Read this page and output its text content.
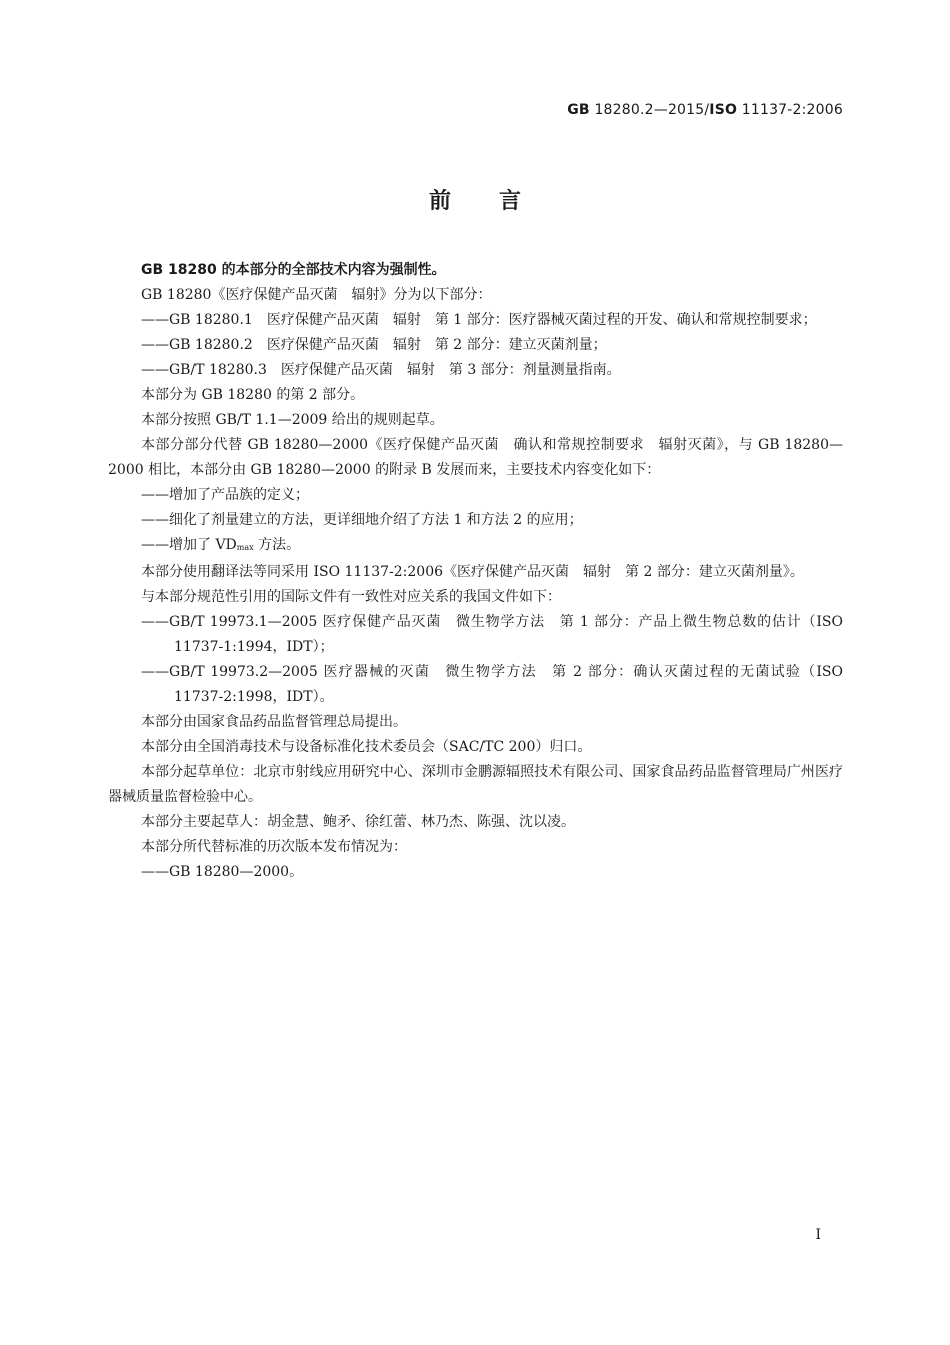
GB 18280.2—2015/ISO 11137-2:2006
前言

GB 18280 的本部分的全部技术内容为强制性。

GB 18280《医疗保健产品灭菌　辐射》分为以下部分：

——GB 18280.1　医疗保健产品灭菌　辐射　第 1 部分：医疗器械灭菌过程的开发、确认和常规控制要求；

——GB 18280.2　医疗保健产品灭菌　辐射　第 2 部分：建立灭菌剂量；

——GB/T 18280.3　医疗保健产品灭菌　辐射　第 3 部分：剂量测量指南。

本部分为 GB 18280 的第 2 部分。

本部分按照 GB/T 1.1—2009 给出的规则起草。

本部分部分代替 GB 18280—2000《医疗保健产品灭菌　确认和常规控制要求　辐射灭菌》，与 GB 18280—2000 相比，本部分由 GB 18280—2000 的附录 B 发展而来，主要技术内容变化如下：

——增加了产品族的定义；

——细化了剂量建立的方法，更详细地介绍了方法 1 和方法 2 的应用；

——增加了 $VD_{max}$ 方法。

本部分使用翻译法等同采用 ISO 11137-2:2006《医疗保健产品灭菌　辐射　第 2 部分：建立灭菌剂量》。

与本部分规范性引用的国际文件有一致性对应关系的我国文件如下：

——GB/T 19973.1—2005 医疗保健产品灭菌　微生物学方法　第 1 部分：产品上微生物总数的估计（ISO 11737-1:1994，IDT）；

——GB/T 19973.2—2005 医疗器械的灭菌　微生物学方法　第 2 部分：确认灭菌过程的无菌试验（ISO 11737-2:1998，IDT）。

本部分由国家食品药品监督管理总局提出。

本部分由全国消毒技术与设备标准化技术委员会（SAC/TC 200）归口。

本部分起草单位：北京市射线应用研究中心、深圳市金鹏源辐照技术有限公司、国家食品药品监督管理局广州医疗器械质量监督检验中心。

本部分主要起草人：胡金慧、鲍矛、徐红蕾、林乃杰、陈强、沈以凌。

本部分所代替标准的历次版本发布情况为：

——GB 18280—2000。

Ⅰ
